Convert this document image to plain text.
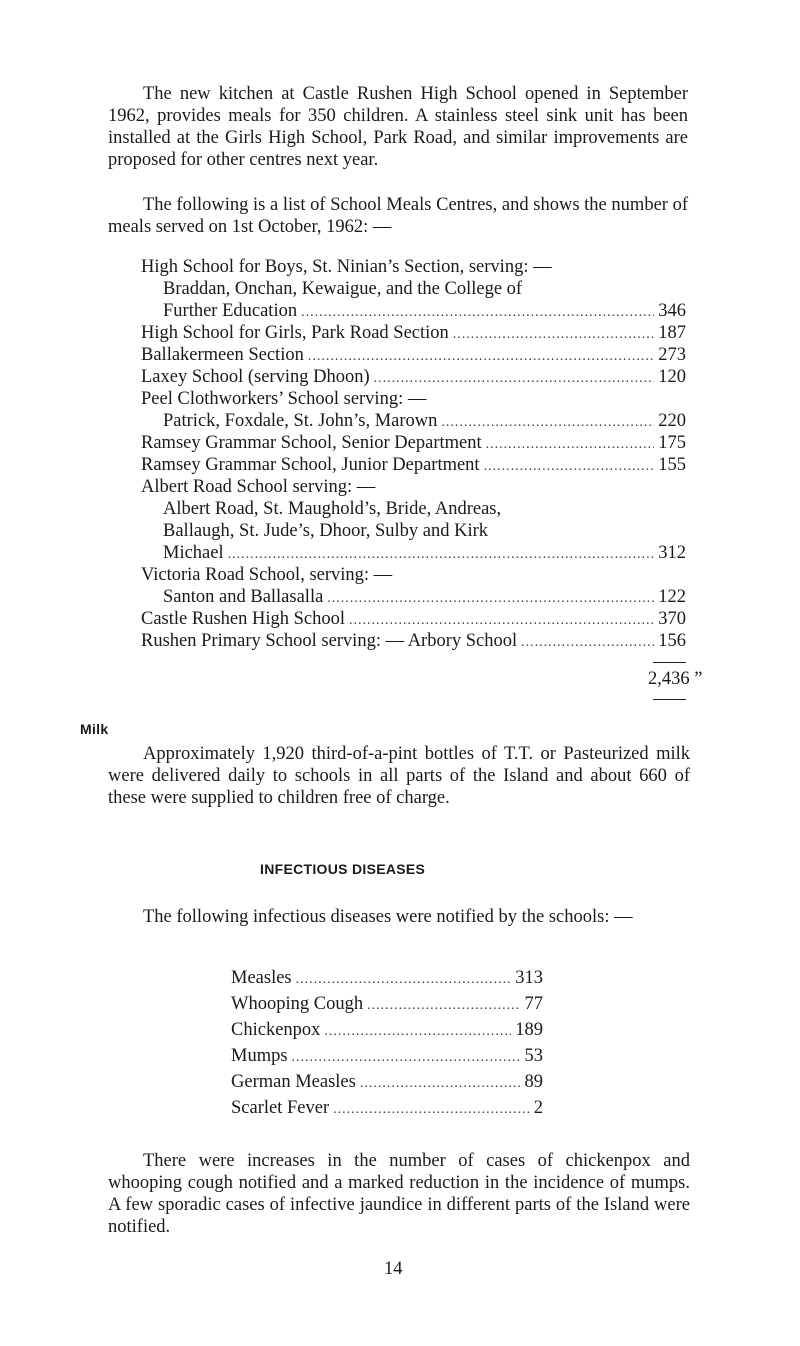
The new kitchen at Castle Rushen High School opened in September 1962, provides meals for 350 children. A stainless steel sink unit has been installed at the Girls High School, Park Road, and similar improvements are proposed for other centres next year.

The following is a list of School Meals Centres, and shows the number of meals served on 1st October, 1962: —

High School for Boys, St. Ninian’s Section, serving: —
Braddan, Onchan, Kewaigue, and the College of
Further Education .....	346
High School for Girls, Park Road Section .....	187
Ballakermeen Section .....	273
Laxey School (serving Dhoon) .....	120
Peel Clothworkers’ School serving: —
Patrick, Foxdale, St. John’s, Marown .....	220
Ramsey Grammar School, Senior Department .....	175
Ramsey Grammar School, Junior Department .....	155
Albert Road School serving: —
Albert Road, St. Maughold’s, Bride, Andreas,
Ballaugh, St. Jude’s, Dhoor, Sulby and Kirk
Michael .....	312
Victoria Road School, serving: —
Santon and Ballasalla .....	122
Castle Rushen High School .....	370
Rushen Primary School serving: — Arbory School .....	156
2,436 ”
Milk

Approximately 1,920 third-of-a-pint bottles of T.T. or Pasteurized milk were delivered daily to schools in all parts of the Island and about 660 of these were supplied to children free of charge.

INFECTIOUS DISEASES

The following infectious diseases were notified by the schools: —

Measles .....	313
Whooping Cough .....	77
Chickenpox .....	189
Mumps .....	53
German Measles .....	89
Scarlet Fever .....	2

There were increases in the number of cases of chickenpox and whooping cough notified and a marked reduction in the incidence of mumps. A few sporadic cases of infective jaundice in different parts of the Island were notified.

14
